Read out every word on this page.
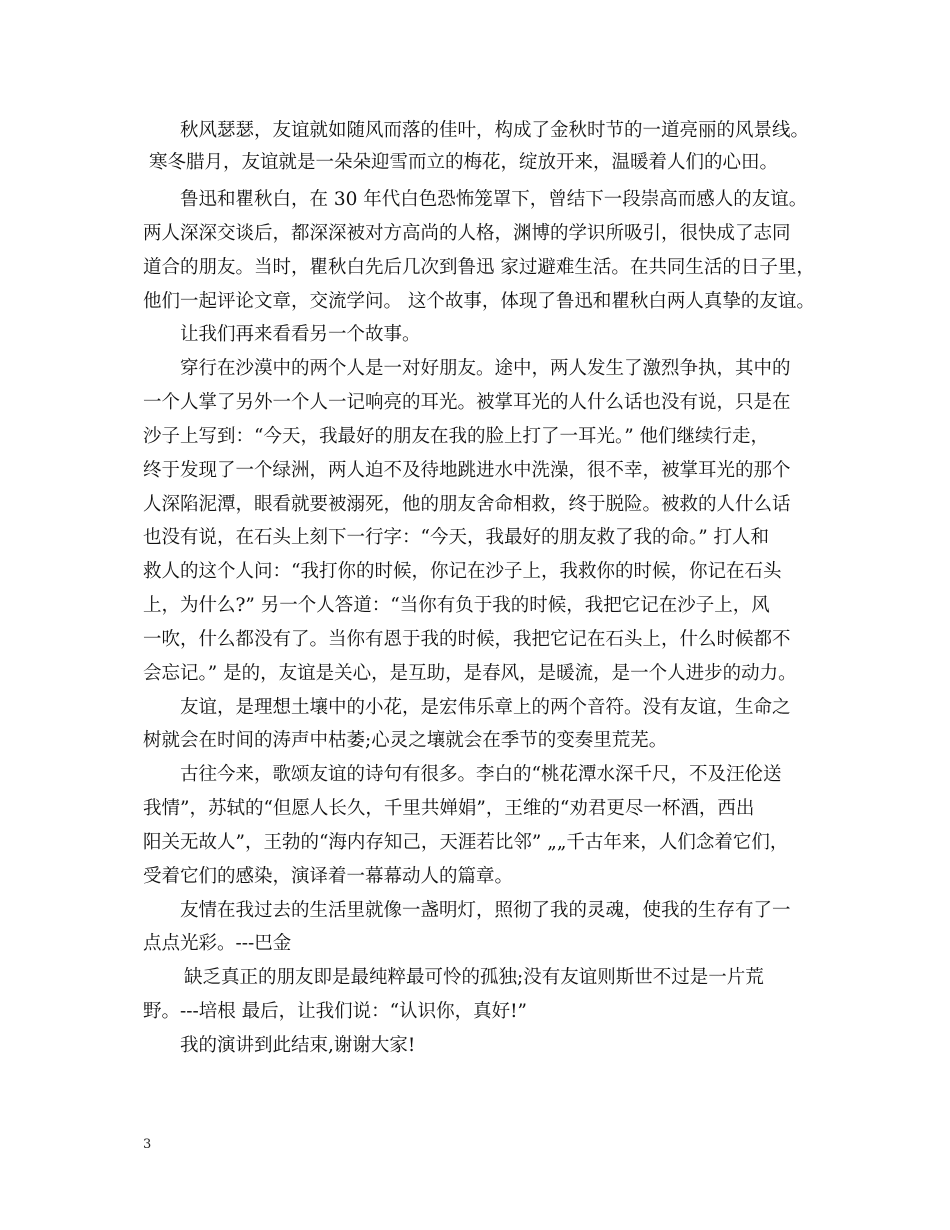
秋风瑟瑟，友谊就如随风而落的佳叶，构成了金秋时节的一道亮丽的风景线。
寒冬腊月，友谊就是一朵朵迎雪而立的梅花，绽放开来，温暖着人们的心田。
鲁迅和瞿秋白，在 30 年代白色恐怖笼罩下，曾结下一段崇高而感人的友谊。
两人深深交谈后，都深深被对方高尚的人格，渊博的学识所吸引，很快成了志同
道合的朋友。当时，瞿秋白先后几次到鲁迅 家过避难生活。在共同生活的日子里，
他们一起评论文章，交流学问。 这个故事，体现了鲁迅和瞿秋白两人真挚的友谊。
让我们再来看看另一个故事。
穿行在沙漠中的两个人是一对好朋友。途中，两人发生了激烈争执，其中的
一个人掌了另外一个人一记响亮的耳光。被掌耳光的人什么话也没有说，只是在
沙子上写到：“今天，我最好的朋友在我的脸上打了一耳光。” 他们继续行走，
终于发现了一个绿洲，两人迫不及待地跳进水中洗澡，很不幸，被掌耳光的那个
人深陷泥潭，眼看就要被溺死，他的朋友舍命相救，终于脱险。被救的人什么话
也没有说，在石头上刻下一行字：“今天，我最好的朋友救了我的命。” 打人和
救人的这个人问：“我打你的时候，你记在沙子上，我救你的时候，你记在石头
上，为什么?” 另一个人答道：“当你有负于我的时候，我把它记在沙子上，风
一吹，什么都没有了。当你有恩于我的时候，我把它记在石头上，什么时候都不
会忘记。” 是的，友谊是关心，是互助，是春风，是暖流，是一个人进步的动力。
友谊，是理想土壤中的小花，是宏伟乐章上的两个音符。没有友谊，生命之
树就会在时间的涛声中枯萎;心灵之壤就会在季节的变奏里荒芜。
古往今来，歌颂友谊的诗句有很多。李白的“桃花潭水深千尺，不及汪伦送
我情”，苏轼的“但愿人长久，千里共婵娟”，王维的“劝君更尽一杯酒，西出
阳关无故人”，王勃的“海内存知己，天涯若比邻” „„千古年来，人们念着它们，
受着它们的感染，演译着一幕幕动人的篇章。
友情在我过去的生活里就像一盏明灯，照彻了我的灵魂，使我的生存有了一
点点光彩。---巴金
缺乏真正的朋友即是最纯粹最可怜的孤独;没有友谊则斯世不过是一片荒
野。---培根 最后，让我们说：“认识你，真好!”
我的演讲到此结束,谢谢大家!
3
